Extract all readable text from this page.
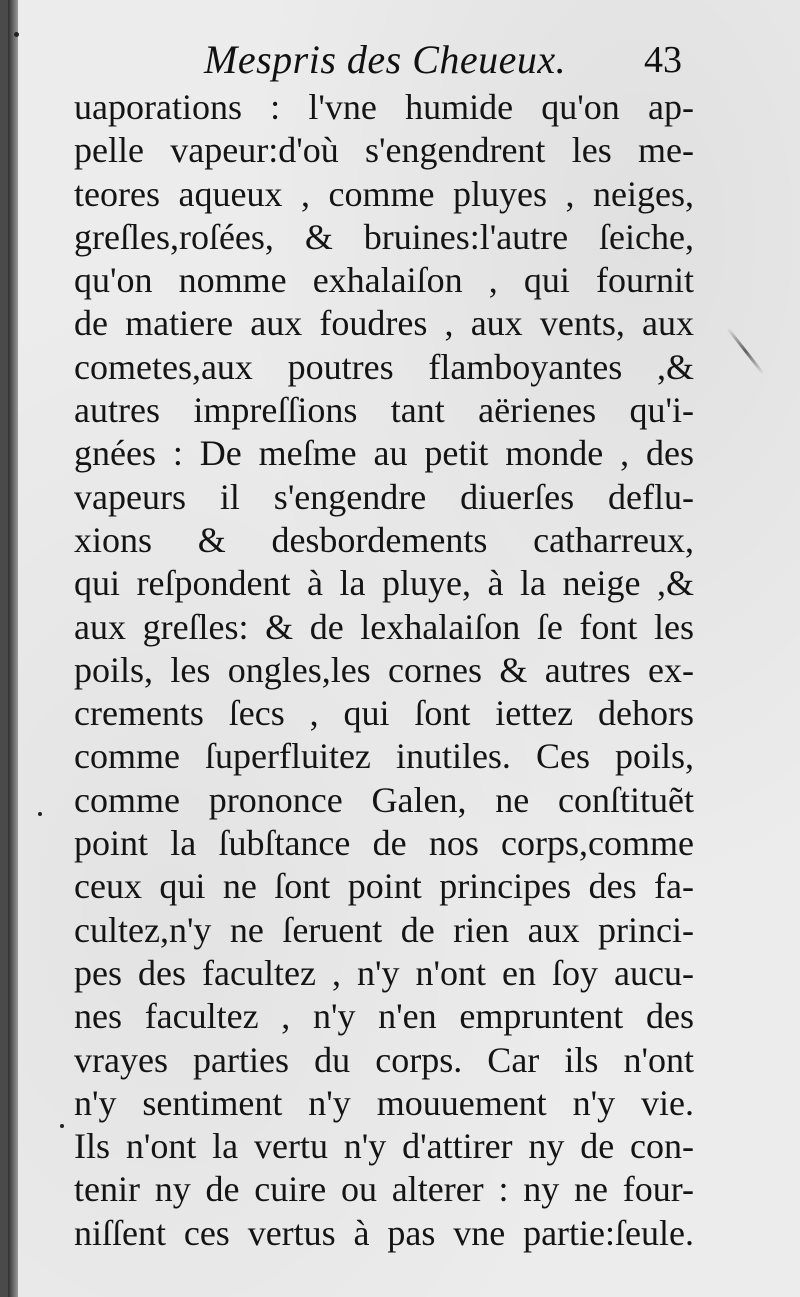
Mespris des Cheueux. 43
uaporations : l'vne humide qu'on ap-
pelle vapeur:d'où s'engendrent les me-
teores aqueux , comme pluyes , neiges,
greſles,roſées, & bruines:l'autre ſeiche,
qu'on nomme exhalaiſon , qui fournit
de matiere aux foudres , aux vents, aux
cometes,aux poutres flamboyantes ,&
autres impreſſions tant aërienes qu'i-
gnées : De meſme au petit monde , des
vapeurs il s'engendre diuerſes deflu-
xions & desbordements catharreux,
qui reſpondent à la pluye, à la neige ,&
aux greſles: & de lexhalaiſon ſe font les
poils, les ongles,les cornes & autres ex-
crements ſecs , qui ſont iettez dehors
comme ſuperfluitez inutiles. Ces poils,
comme prononce Galen, ne conſtituẽt
point la ſubſtance de nos corps,comme
ceux qui ne ſont point principes des fa-
cultez,n'y ne ſeruent de rien aux princi-
pes des facultez , n'y n'ont en ſoy aucu-
nes facultez , n'y n'en empruntent des
vrayes parties du corps. Car ils n'ont
n'y sentiment n'y mouuement n'y vie.
Ils n'ont la vertu n'y d'attirer ny de con-
tenir ny de cuire ou alterer : ny ne four-
niſſent ces vertus à pas vne partie:ſeule.
